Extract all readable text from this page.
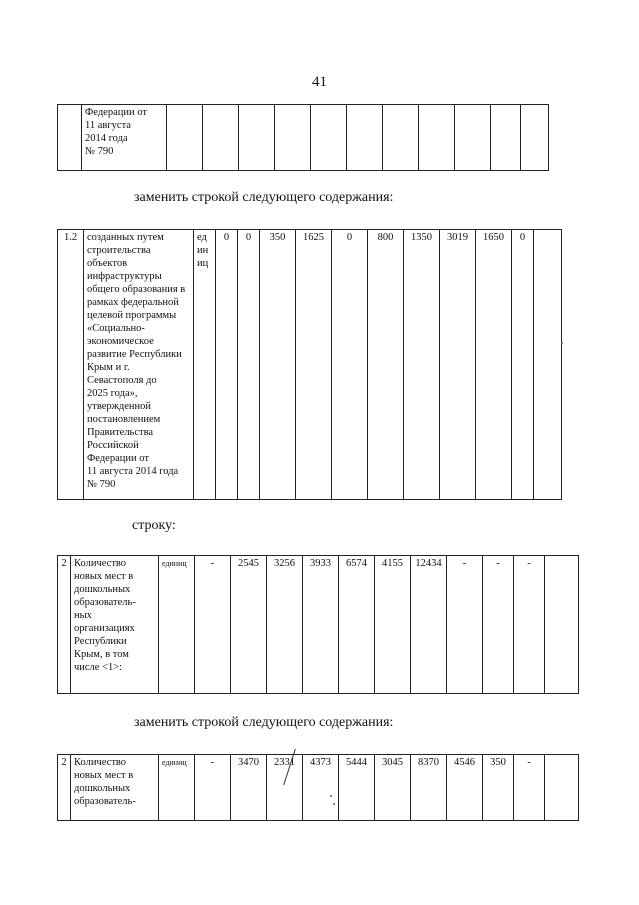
41

Федерации от
11 августа
2014 года
№ 790

заменить строкой следующего содержания:
1.2	созданных путем
строительства
объектов
инфраструктуры
общего образования в
рамках федеральной
целевой программы
«Социально-
экономическое
развитие Республики
Крым и г.
Севастополя до
2025 года»,
утвержденной
постановлением
Правительства
Российской
Федерации от
11 августа 2014 года
№ 790

ед
ин
иц
	0	0	350	1625	0	800	1350	3019	1650	0	
строку:
2	Количество
новых мест в
дошкольных
образователь-
ных
организациях
Республики
Крым, в том
числе <1>:
	единиц	-	2545	3256	3933	6574	4155	12434	-	-	-	
заменить строкой следующего содержания:
2	Количество
новых мест в
дошкольных
образователь-
	единиц	-	3470	2331	4373	5444	3045	8370	4546	350	-	
